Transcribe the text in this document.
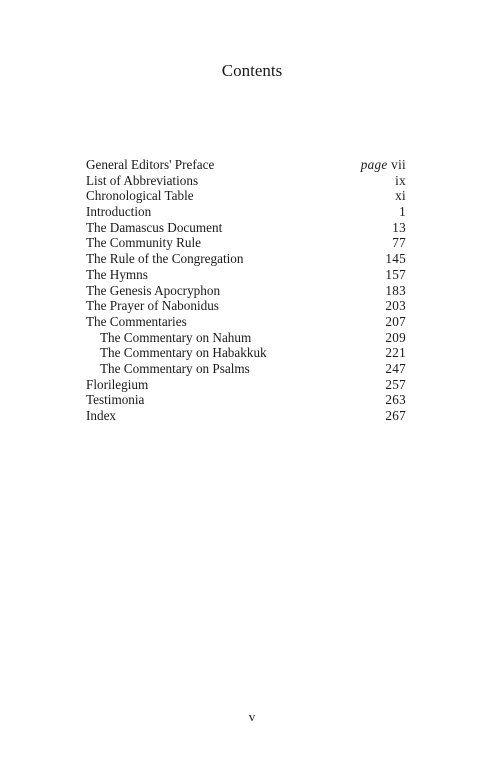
Contents
General Editors' Preface	page vii
List of Abbreviations	ix
Chronological Table	xi
Introduction	1
The Damascus Document	13
The Community Rule	77
The Rule of the Congregation	145
The Hymns	157
The Genesis Apocryphon	183
The Prayer of Nabonidus	203
The Commentaries	207
The Commentary on Nahum	209
The Commentary on Habakkuk	221
The Commentary on Psalms	247
Florilegium	257
Testimonia	263
Index	267
v
